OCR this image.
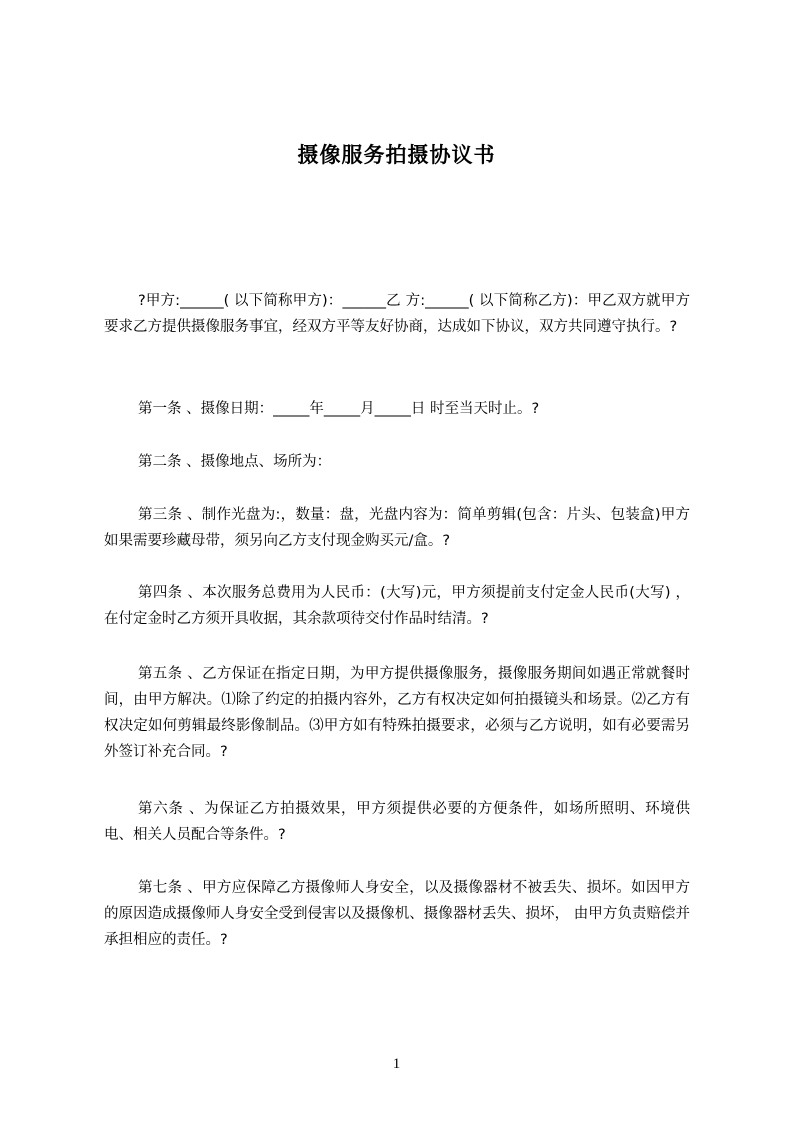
摄像服务拍摄协议书

?甲方:______( 以下简称甲方)：______乙 方:______( 以下简称乙方)：甲乙双方就甲方要求乙方提供摄像服务事宜，经双方平等友好协商，达成如下协议，双方共同遵守执行。?

第一条 、摄像日期：_____年_____月_____日 时至当天时止。?

第二条 、摄像地点、场所为：

第三条 、制作光盘为:，数量：盘，光盘内容为：简单剪辑(包含：片头、包装盒)甲方如果需要珍藏母带，须另向乙方支付现金购买元/盒。?

第四条 、本次服务总费用为人民币：(大写)元，甲方须提前支付定金人民币(大写) ，在付定金时乙方须开具收据，其余款项待交付作品时结清。?

第五条 、乙方保证在指定日期，为甲方提供摄像服务，摄像服务期间如遇正常就餐时间，由甲方解决。⑴除了约定的拍摄内容外，乙方有权决定如何拍摄镜头和场景。⑵乙方有权决定如何剪辑最终影像制品。⑶甲方如有特殊拍摄要求，必须与乙方说明，如有必要需另外签订补充合同。?

第六条 、为保证乙方拍摄效果，甲方须提供必要的方便条件，如场所照明、环境供电、相关人员配合等条件。?

第七条 、甲方应保障乙方摄像师人身安全，以及摄像器材不被丢失、损坏。如因甲方的原因造成摄像师人身安全受到侵害以及摄像机、摄像器材丢失、损坏， 由甲方负责赔偿并承担相应的责任。?

1
